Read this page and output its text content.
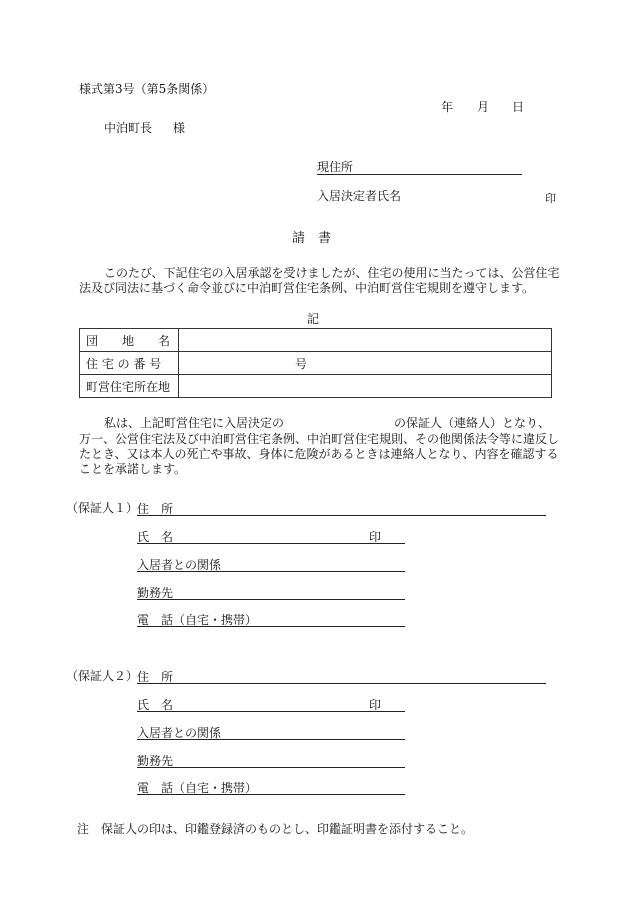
様式第3号（第5条関係）
年 月 日
中泊町長 様
現住所
入居決定者氏名	印
請　書
このたび、下記住宅の入居承認を受けましたが、住宅の使用に当たっては、公営住宅
法及び同法に基づく命令並びに中泊町営住宅条例、中泊町営住宅規則を遵守します。
記
団　　地　　名	
住 宅 の 番 号	号
町営住宅所在地	
私は、上記町営住宅に入居決定の	の保証人（連絡人）となり、
万一、公営住宅法及び中泊町営住宅条例、中泊町営住宅規則、その他関係法令等に違反し
たとき、又は本人の死亡や事故、身体に危険があるときは連絡人となり、内容を確認する
ことを承諾します。
（保証人１）
住　所
氏　名	印
入居者との関係
勤務先
電　話（自宅・携帯）
（保証人２）
住　所
氏　名	印
入居者との関係
勤務先
電　話（自宅・携帯）
注　保証人の印は、印鑑登録済のものとし、印鑑証明書を添付すること。
